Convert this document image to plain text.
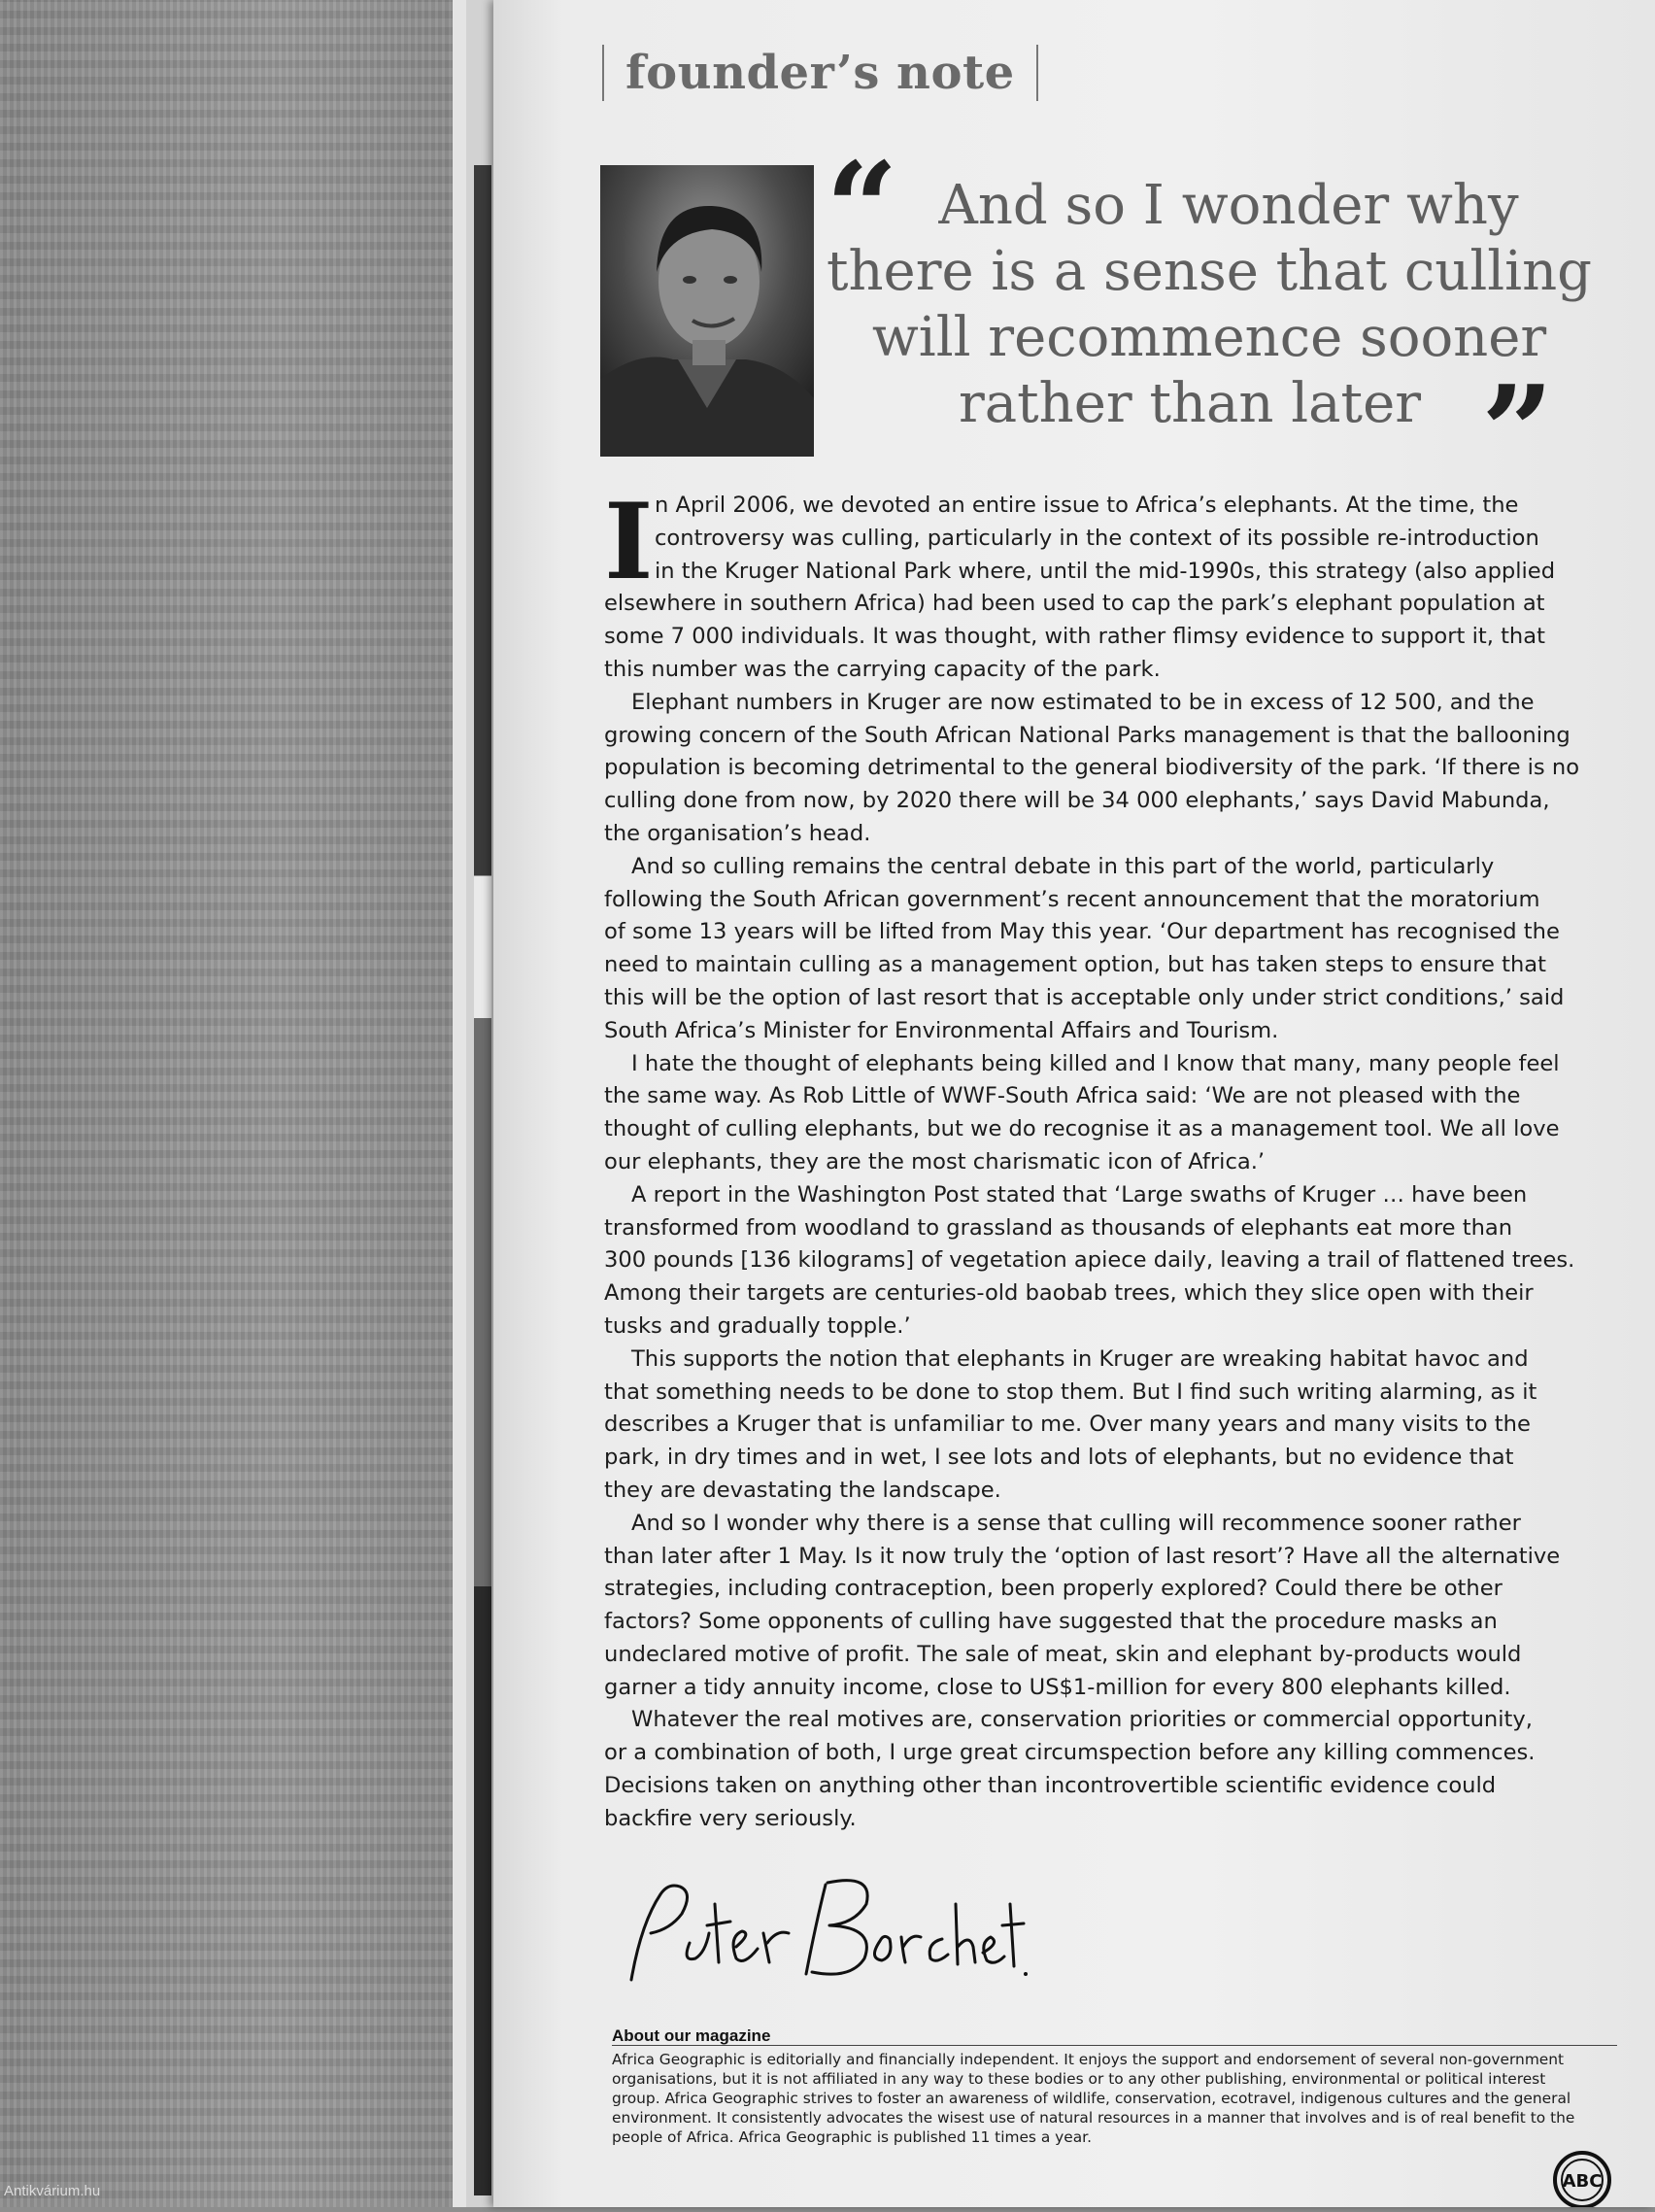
Antikvárium.hu
founder’s note
“ And so I wonder why
there is a sense that culling
will recommence sooner
rather than later ”
I n April 2006, we devoted an entire issue to Africa’s elephants. At the time, the
controversy was culling, particularly in the context of its possible re-introduction
in the Kruger National Park where, until the mid-1990s, this strategy (also applied
elsewhere in southern Africa) had been used to cap the park’s elephant population at
some 7 000 individuals. It was thought, with rather flimsy evidence to support it, that
this number was the carrying capacity of the park.

Elephant numbers in Kruger are now estimated to be in excess of 12 500, and the
growing concern of the South African National Parks management is that the ballooning
population is becoming detrimental to the general biodiversity of the park. ‘If there is no
culling done from now, by 2020 there will be 34 000 elephants,’ says David Mabunda,
the organisation’s head.

And so culling remains the central debate in this part of the world, particularly
following the South African government’s recent announcement that the moratorium
of some 13 years will be lifted from May this year. ‘Our department has recognised the
need to maintain culling as a management option, but has taken steps to ensure that
this will be the option of last resort that is acceptable only under strict conditions,’ said
South Africa’s Minister for Environmental Affairs and Tourism.

I hate the thought of elephants being killed and I know that many, many people feel
the same way. As Rob Little of WWF-South Africa said: ‘We are not pleased with the
thought of culling elephants, but we do recognise it as a management tool. We all love
our elephants, they are the most charismatic icon of Africa.’

A report in the Washington Post stated that ‘Large swaths of Kruger … have been
transformed from woodland to grassland as thousands of elephants eat more than
300 pounds [136 kilograms] of vegetation apiece daily, leaving a trail of flattened trees.
Among their targets are centuries-old baobab trees, which they slice open with their
tusks and gradually topple.’

This supports the notion that elephants in Kruger are wreaking habitat havoc and
that something needs to be done to stop them. But I find such writing alarming, as it
describes a Kruger that is unfamiliar to me. Over many years and many visits to the
park, in dry times and in wet, I see lots and lots of elephants, but no evidence that
they are devastating the landscape.

And so I wonder why there is a sense that culling will recommence sooner rather
than later after 1 May. Is it now truly the ‘option of last resort’? Have all the alternative
strategies, including contraception, been properly explored? Could there be other
factors? Some opponents of culling have suggested that the procedure masks an
undeclared motive of profit. The sale of meat, skin and elephant by-products would
garner a tidy annuity income, close to US$1-million for every 800 elephants killed.

Whatever the real motives are, conservation priorities or commercial opportunity,
or a combination of both, I urge great circumspection before any killing commences.
Decisions taken on anything other than incontrovertible scientific evidence could
backfire very seriously.

About our magazine
Africa Geographic is editorially and financially independent. It enjoys the support and endorsement of several non-government
organisations, but it is not affiliated in any way to these bodies or to any other publishing, environmental or political interest
group. Africa Geographic strives to foster an awareness of wildlife, conservation, ecotravel, indigenous cultures and the general
environment. It consistently advocates the wisest use of natural resources in a manner that involves and is of real benefit to the
people of Africa. Africa Geographic is published 11 times a year.
ABC
